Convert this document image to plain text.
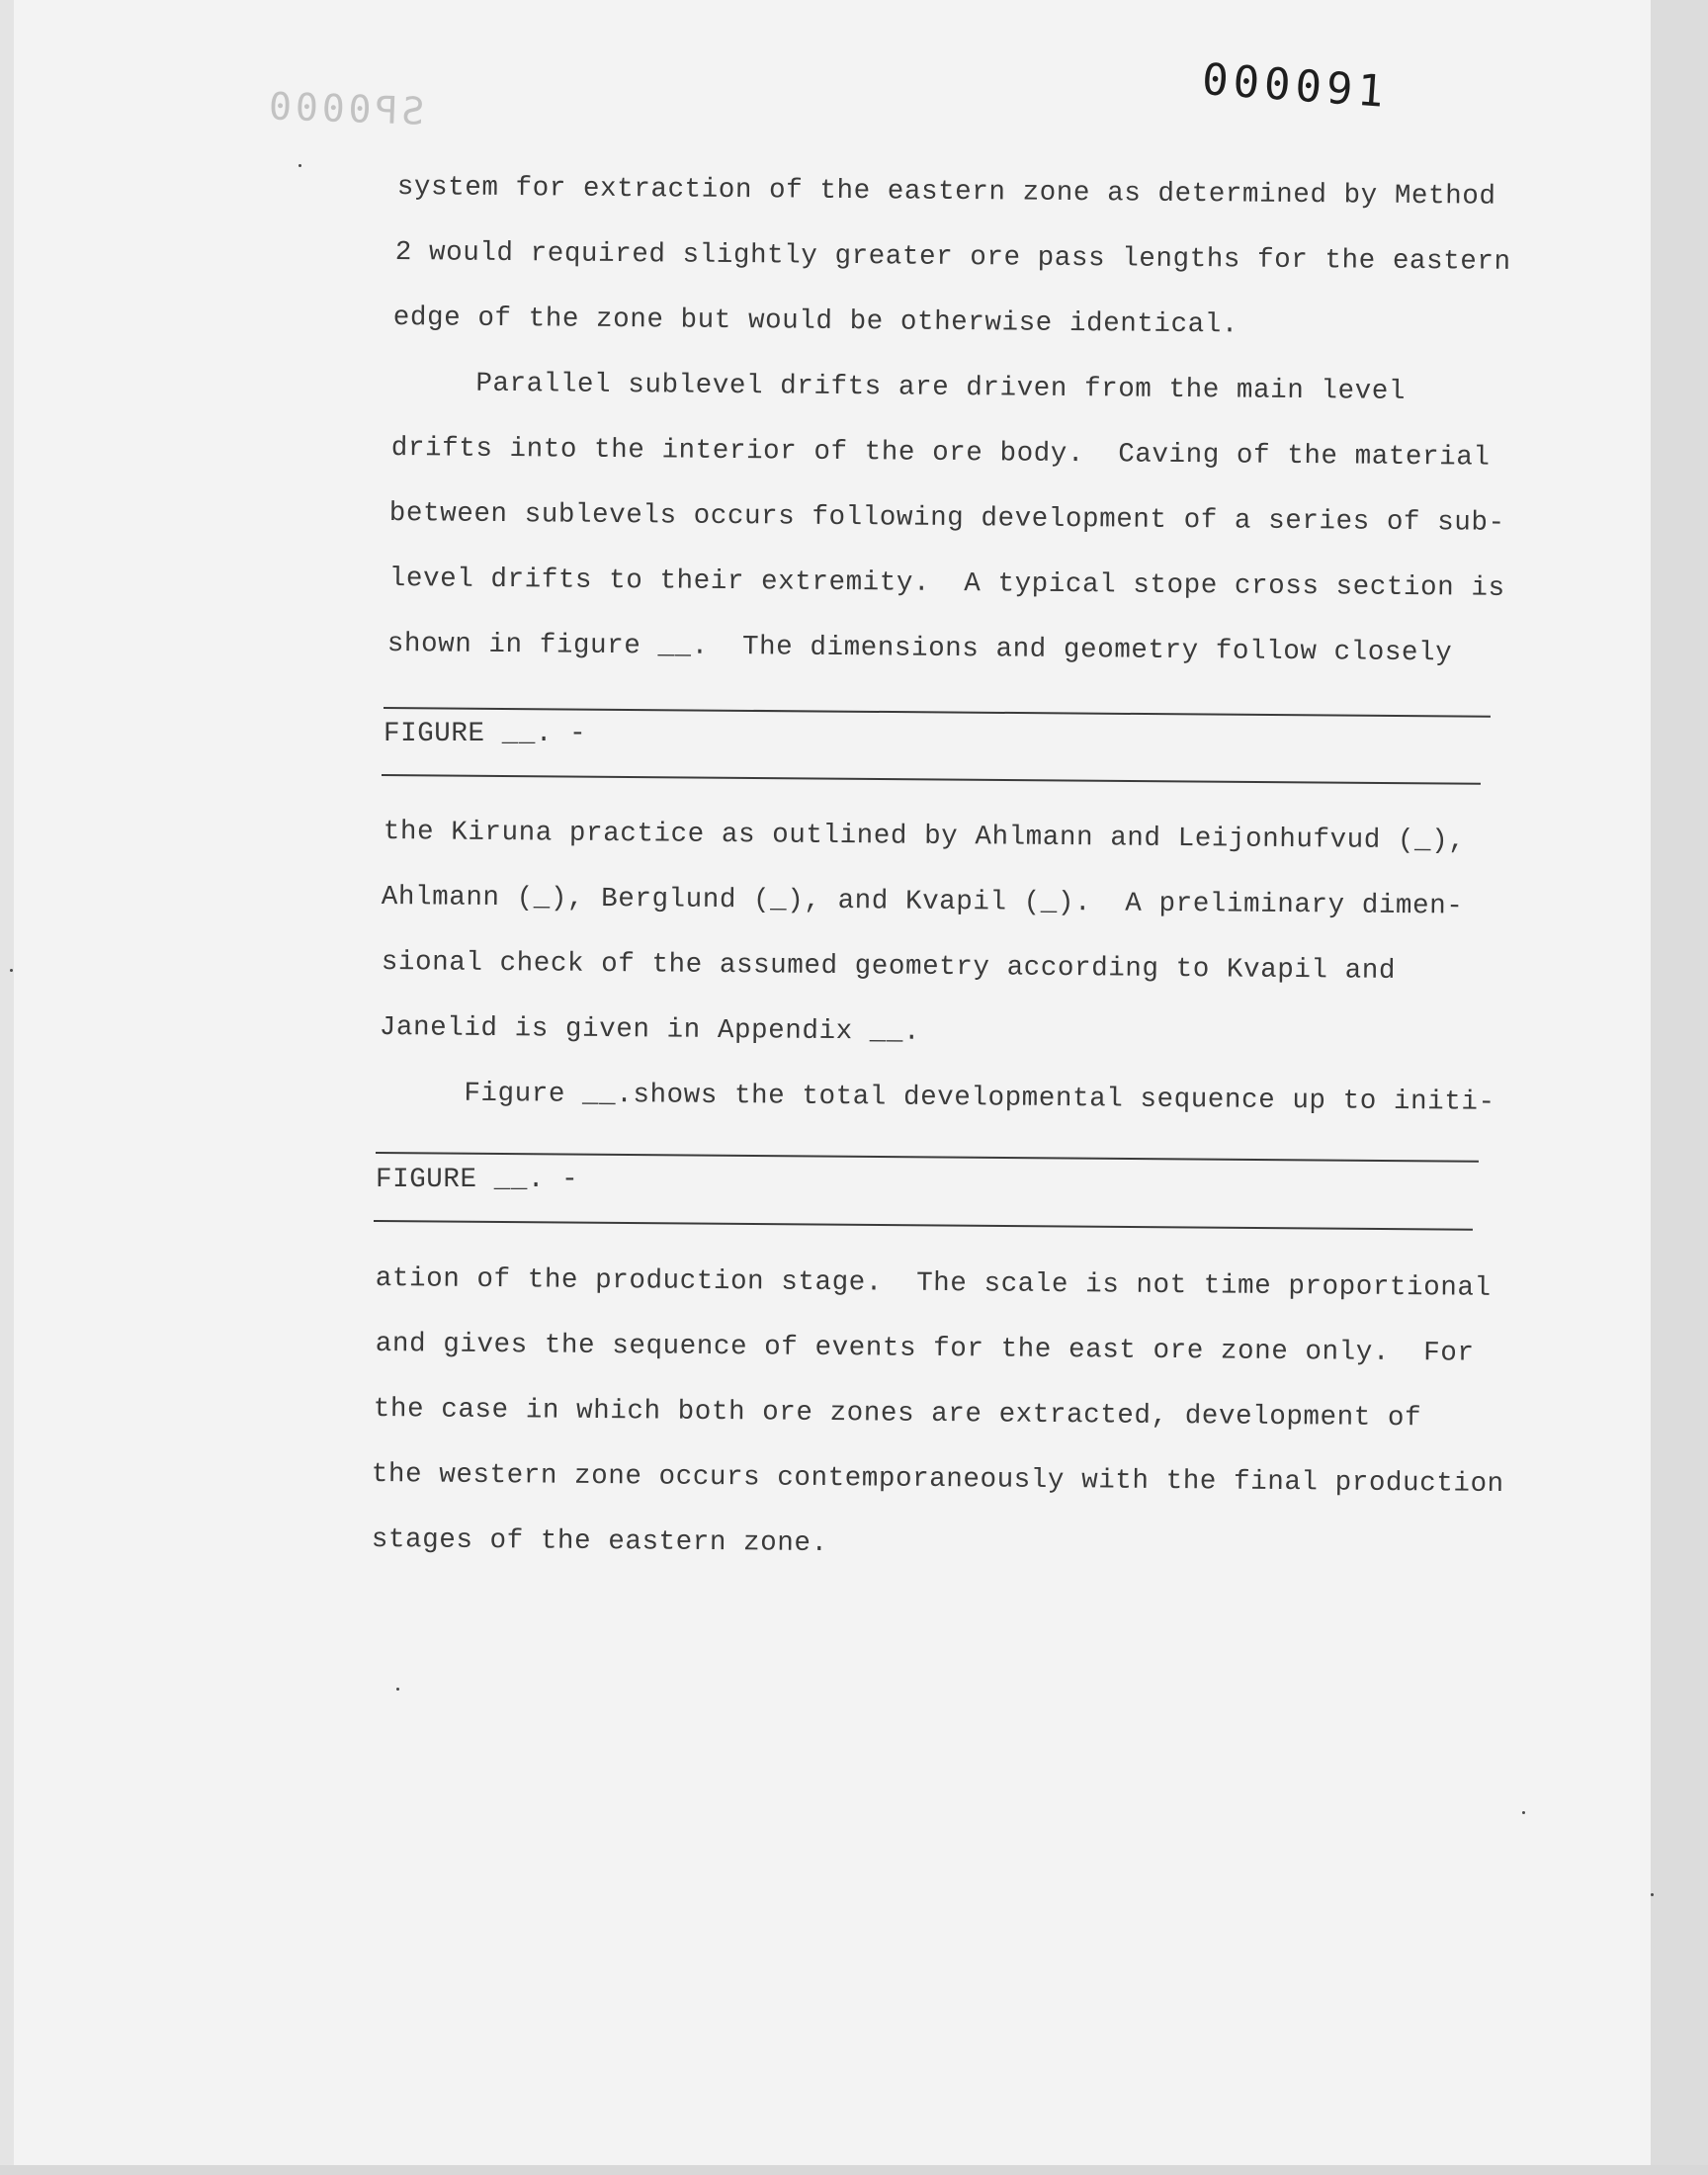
SP0000	000091
system for extraction of the eastern zone as determined by Method
2 would required slightly greater ore pass lengths for the eastern
edge of the zone but would be otherwise identical.
Parallel sublevel drifts are driven from the main level
drifts into the interior of the ore body.  Caving of the material
between sublevels occurs following development of a series of sub-
level drifts to their extremity.  A typical stope cross section is
shown in figure __.  The dimensions and geometry follow closely
FIGURE __. -
the Kiruna practice as outlined by Ahlmann and Leijonhufvud (_),
Ahlmann (_), Berglund (_), and Kvapil (_).  A preliminary dimen-
sional check of the assumed geometry according to Kvapil and
Janelid is given in Appendix __.
Figure __.shows the total developmental sequence up to initi-
FIGURE __. -
ation of the production stage.  The scale is not time proportional
and gives the sequence of events for the east ore zone only.  For
the case in which both ore zones are extracted, development of
the western zone occurs contemporaneously with the final production
stages of the eastern zone.
